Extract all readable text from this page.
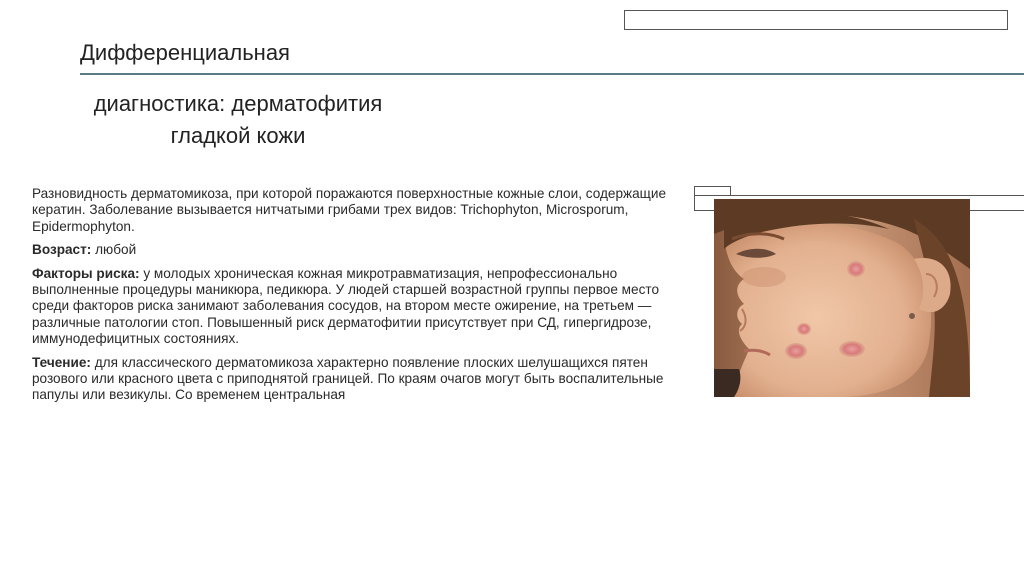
Дифференциальная
диагностика: дерматофития гладкой кожи

Разновидность дерматомикоза, при которой поражаются поверхностные кожные слои, содержащие кератин. Заболевание вызывается нитчатыми грибами трех видов: Trichophyton, Microsporum, Epidermophyton.

Возраст: любой

Факторы риска: у молодых хроническая кожная микротравматизация, непрофессионально выполненные процедуры маникюра, педикюра. У людей старшей возрастной группы первое место среди факторов риска занимают заболевания сосудов, на втором месте ожирение, на третьем — различные патологии стоп. Повышенный риск дерматофитии присутствует при СД, гипергидрозе, иммунодефицитных состояниях.

Течение: для классического дерматомикоза характерно появление плоских шелушащихся пятен розового или красного цвета с приподнятой границей. По краям очагов могут быть воспалительные папулы или везикулы. Со временем центральная
